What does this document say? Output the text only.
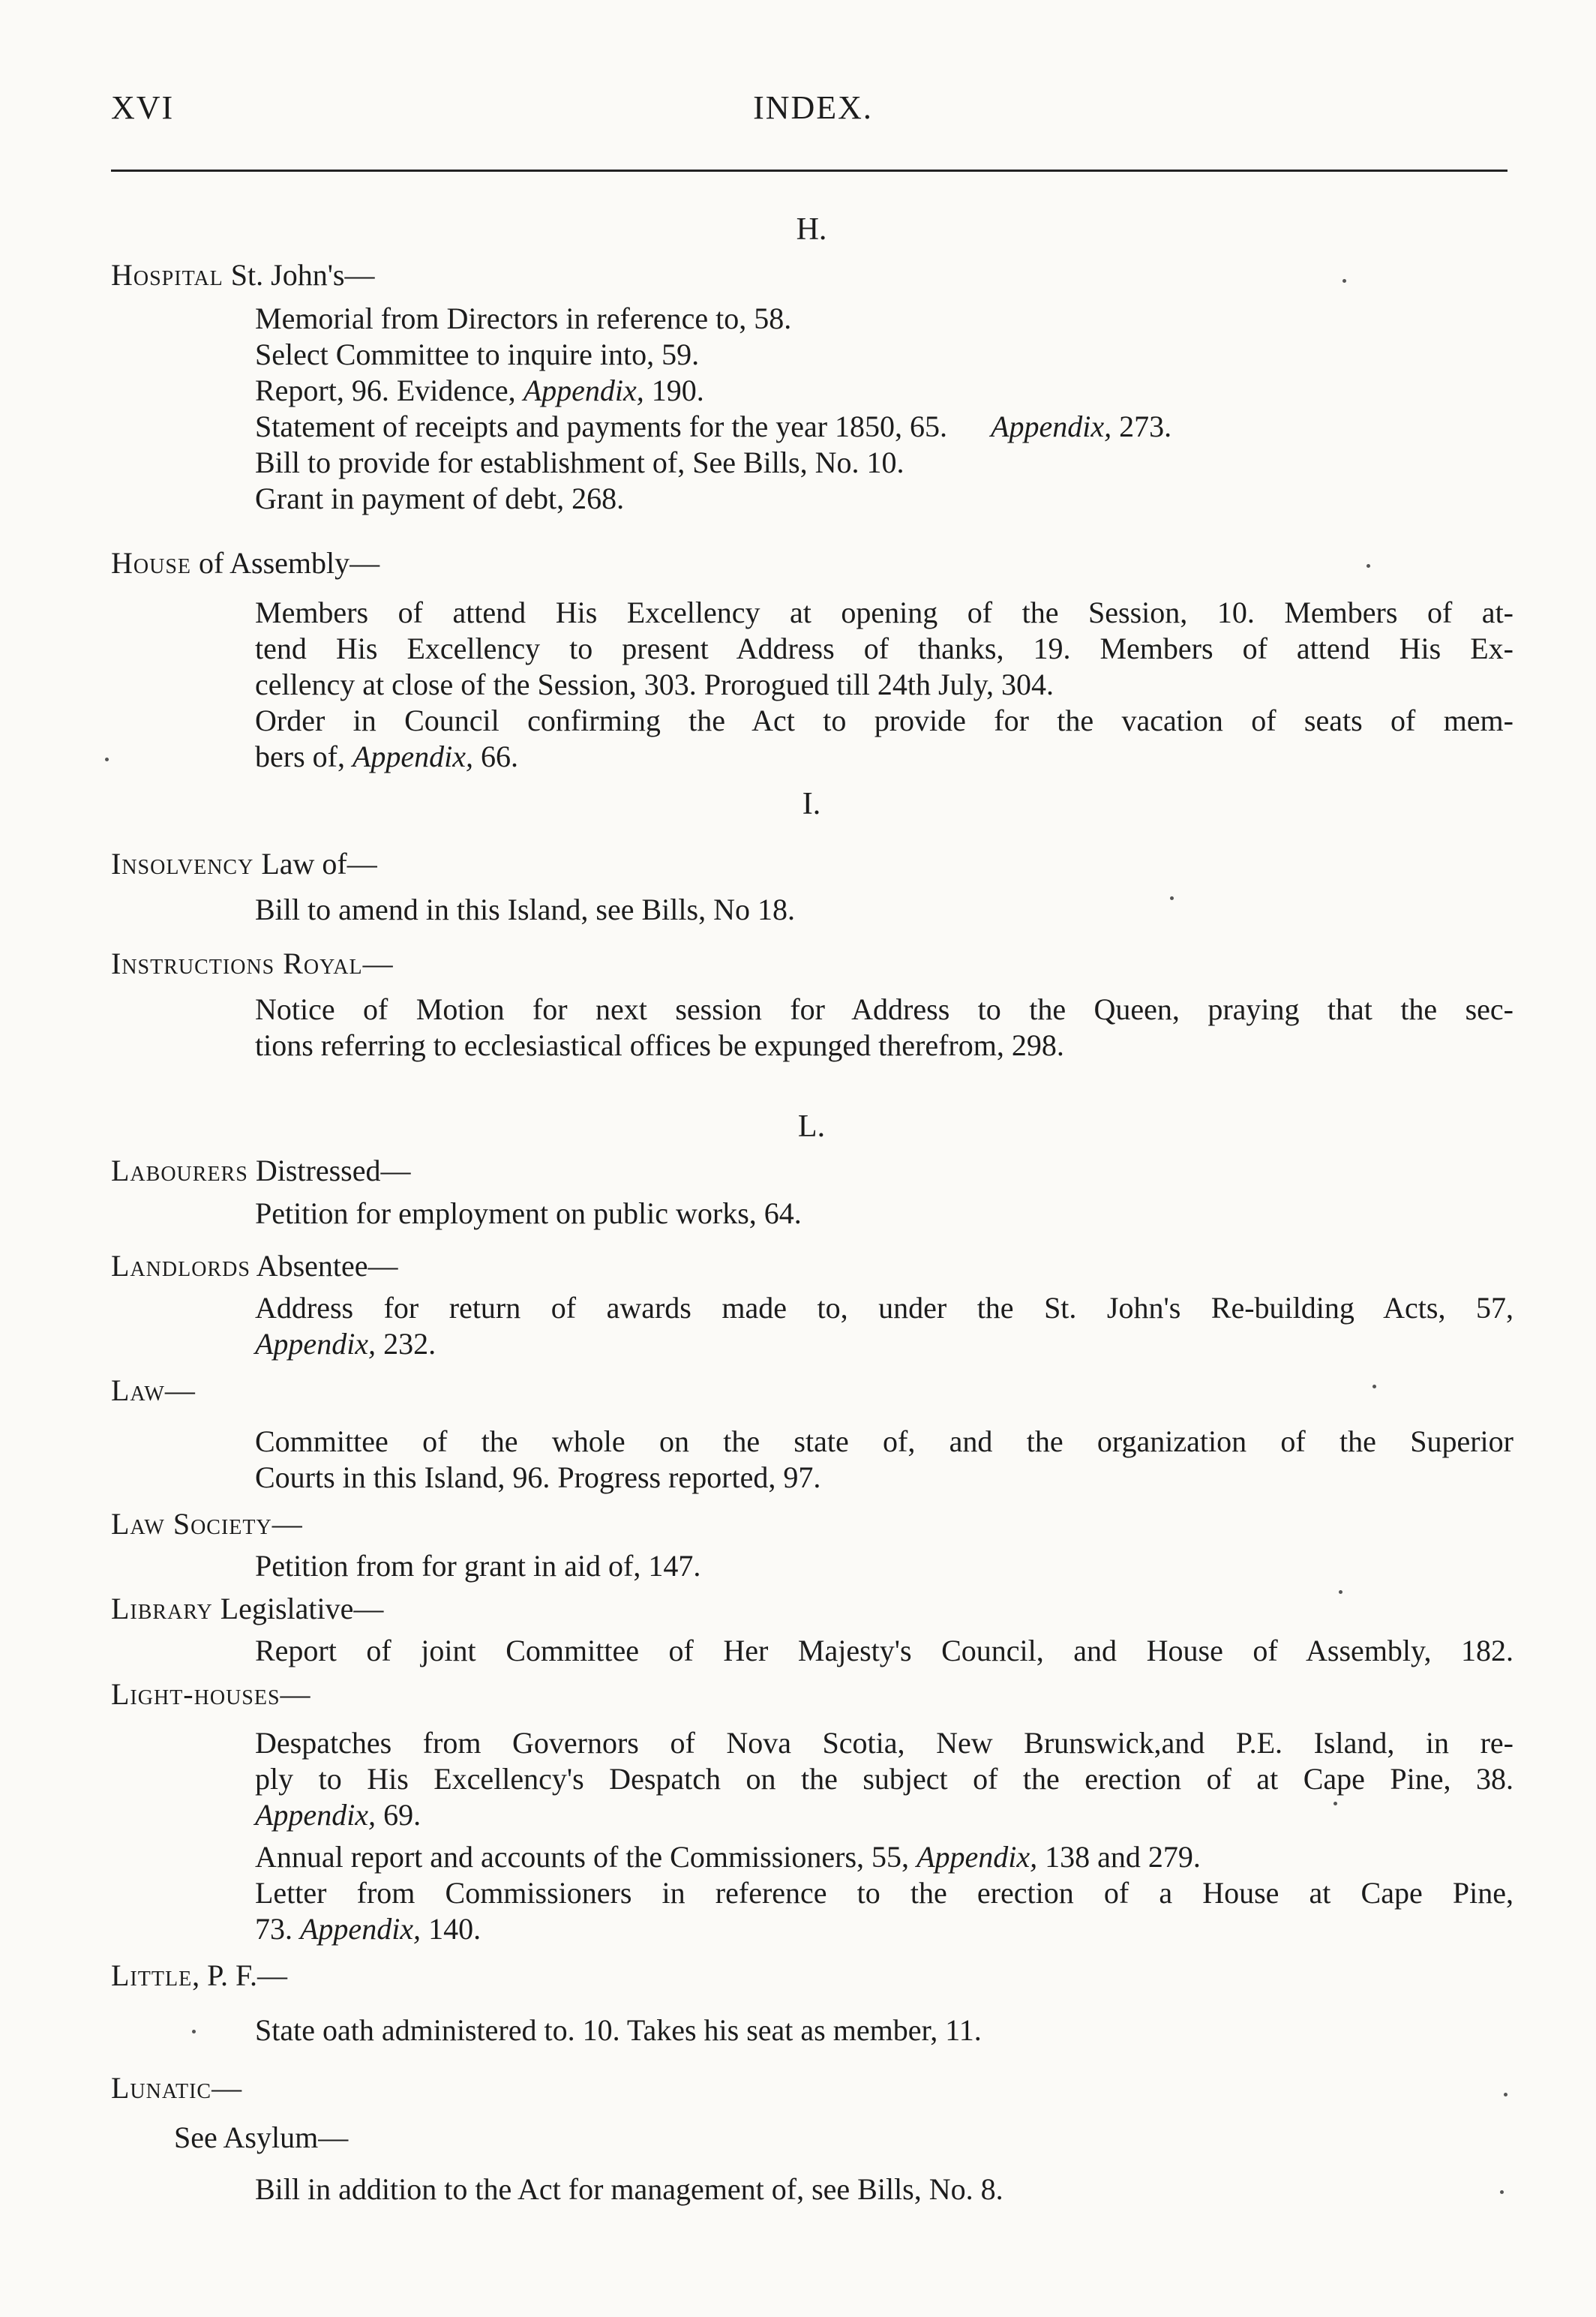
XVI	INDEX.
H.
Hospital St. John's—
Memorial from Directors in reference to, 58.
Select Committee to inquire into, 59.
Report, 96. Evidence, Appendix, 190.
Statement of receipts and payments for the year 1850, 65. Appendix, 273.
Bill to provide for establishment of, See Bills, No. 10.
Grant in payment of debt, 268.
House of Assembly—
Members of attend His Excellency at opening of the Session, 10. Members of at-
tend His Excellency to present Address of thanks, 19. Members of attend His Ex-
cellency at close of the Session, 303. Prorogued till 24th July, 304.
Order in Council confirming the Act to provide for the vacation of seats of mem-
bers of, Appendix, 66.
I.
Insolvency Law of—
Bill to amend in this Island, see Bills, No 18.
Instructions Royal—
Notice of Motion for next session for Address to the Queen, praying that the sec-
tions referring to ecclesiastical offices be expunged therefrom, 298.
L.
Labourers Distressed—
Petition for employment on public works, 64.
Landlords Absentee—
Address for return of awards made to, under the St. John's Re-building Acts, 57,
Appendix, 232.
Law—
Committee of the whole on the state of, and the organization of the Superior
Courts in this Island, 96. Progress reported, 97.
Law Society—
Petition from for grant in aid of, 147.
Library Legislative—
Report of joint Committee of Her Majesty's Council, and House of Assembly, 182.
Light-houses—
Despatches from Governors of Nova Scotia, New Brunswick,and P.E. Island, in re-
ply to His Excellency's Despatch on the subject of the erection of at Cape Pine, 38.
Appendix, 69.
Annual report and accounts of the Commissioners, 55, Appendix, 138 and 279.
Letter from Commissioners in reference to the erection of a House at Cape Pine,
73. Appendix, 140.
Little, P. F.—
State oath administered to. 10. Takes his seat as member, 11.
Lunatic—
See Asylum—
Bill in addition to the Act for management of, see Bills, No. 8.
